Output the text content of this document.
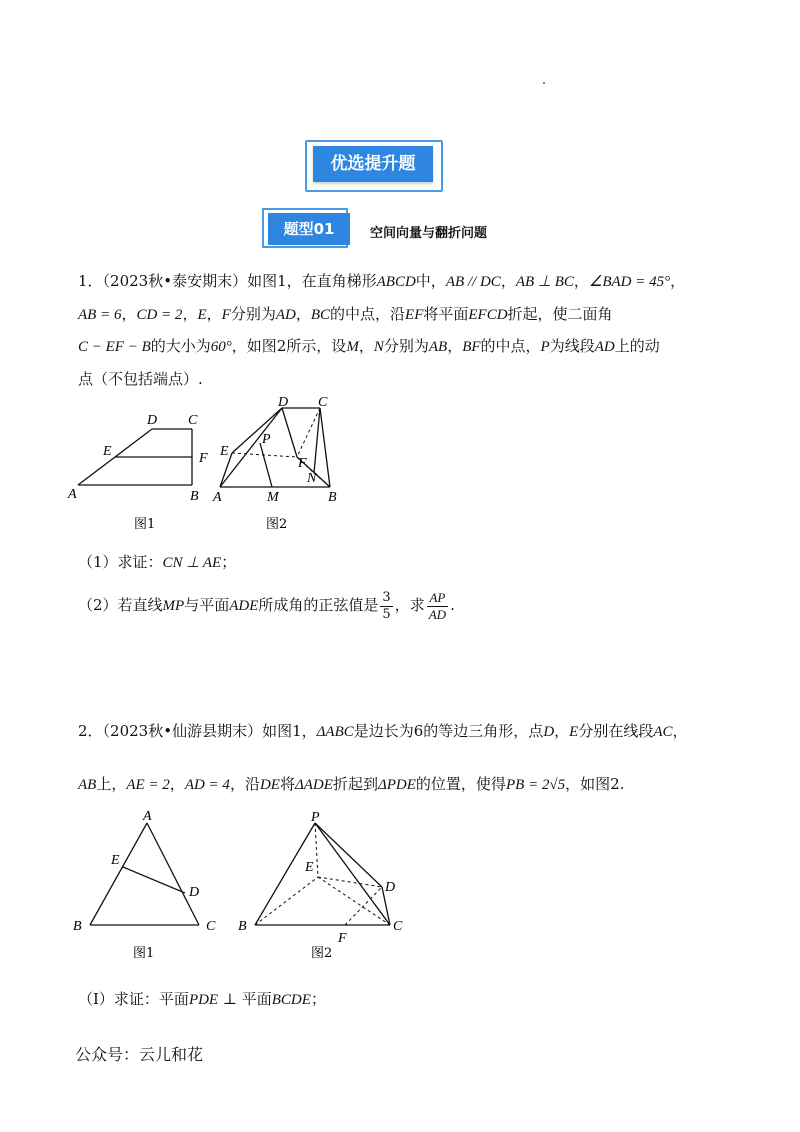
优选提升题
题型01	空间向量与翻折问题
1．（2023秋•泰安期末）如图1，在直角梯形ABCD中，AB // DC，AB ⊥ BC，∠BAD = 45°，
AB = 6，CD = 2，E，F分别为AD，BC的中点，沿EF将平面EFCD折起，使二面角
C − EF − B的大小为60°，如图2所示，设M，N分别为AB，BF的中点，P为线段AD上的动
点（不包括端点）.
A	B
C
D
E	F
图1
A	B
C
D
E
F
M
N
P
图2
（1）求证：CN ⊥ AE；
（2）若直线MP与平面ADE所成角的正弦值是 $\frac{3}{5}$ ，求 $\frac{AP}{AD}$ .
2．（2023秋•仙游县期末）如图1，ΔABC是边长为6的等边三角形，点D，E分别在线段AC，
AB上，AE = 2，AD = 4，沿DE将ΔADE折起到ΔPDE的位置，使得PB = 2√5，如图2.
A
B	C
D
E
图1
P
B	C
D
E
F
图2
（Ⅰ）求证：平面PDE ⊥ 平面BCDE；
公众号：云儿和花
